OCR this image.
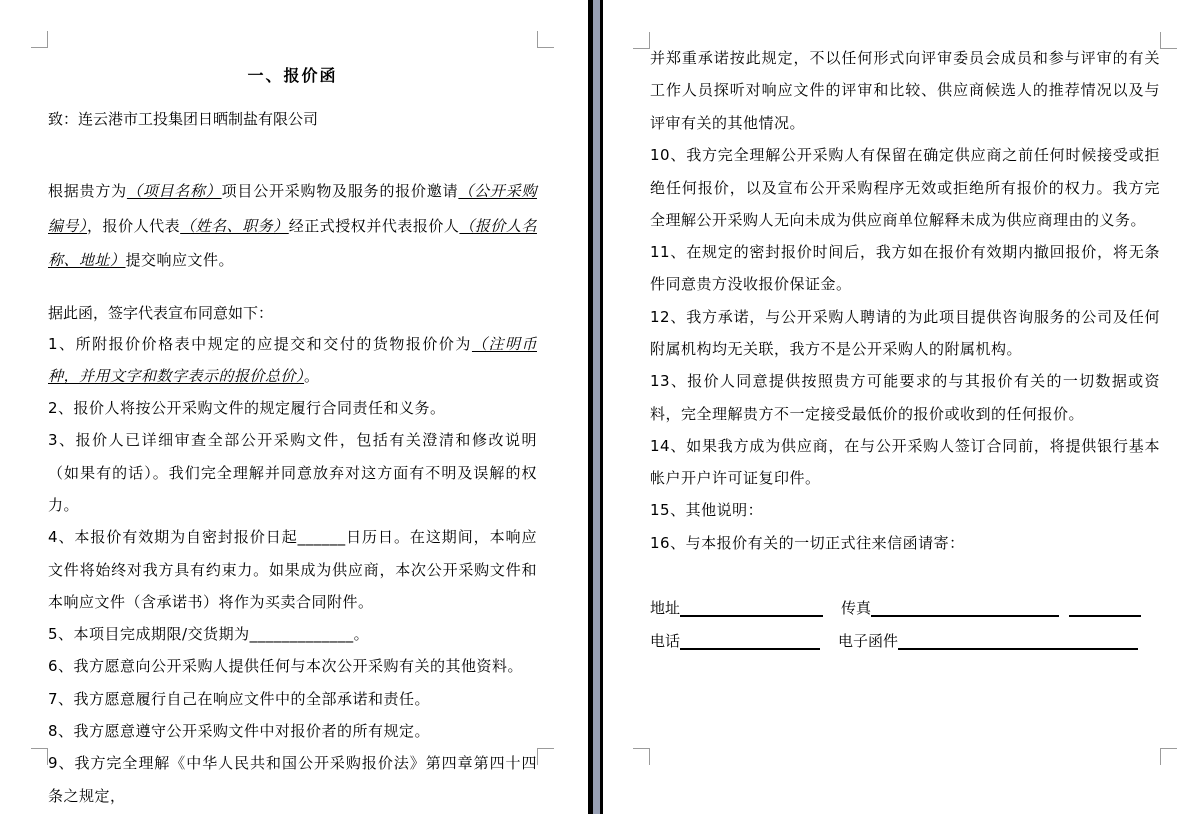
一、报价函

致：连云港市工投集团日晒制盐有限公司

根据贵方为（项目名称）项目公开采购物及服务的报价邀请（公开采购编号），报价人代表（姓名、职务）经正式授权并代表报价人（报价人名称、地址）提交响应文件。

据此函，签字代表宣布同意如下：

1、所附报价价格表中规定的应提交和交付的货物报价价为（注明币种，并用文字和数字表示的报价总价）。

2、报价人将按公开采购文件的规定履行合同责任和义务。

3、报价人已详细审查全部公开采购文件，包括有关澄清和修改说明（如果有的话）。我们完全理解并同意放弃对这方面有不明及误解的权力。

4、本报价有效期为自密封报价日起______日历日。在这期间，本响应文件将始终对我方具有约束力。如果成为供应商，本次公开采购文件和本响应文件（含承诺书）将作为买卖合同附件。

5、本项目完成期限/交货期为_____________。

6、我方愿意向公开采购人提供任何与本次公开采购有关的其他资料。

7、我方愿意履行自己在响应文件中的全部承诺和责任。

8、我方愿意遵守公开采购文件中对报价者的所有规定。

9、我方完全理解《中华人民共和国公开采购报价法》第四章第四十四条之规定，

并郑重承诺按此规定，不以任何形式向评审委员会成员和参与评审的有关工作人员探听对响应文件的评审和比较、供应商候选人的推荐情况以及与评审有关的其他情况。

10、我方完全理解公开采购人有保留在确定供应商之前任何时候接受或拒绝任何报价，以及宣布公开采购程序无效或拒绝所有报价的权力。我方完全理解公开采购人无向未成为供应商单位解释未成为供应商理由的义务。

11、在规定的密封报价时间后，我方如在报价有效期内撤回报价，将无条件同意贵方没收报价保证金。

12、我方承诺，与公开采购人聘请的为此项目提供咨询服务的公司及任何附属机构均无关联，我方不是公开采购人的附属机构。

13、报价人同意提供按照贵方可能要求的与其报价有关的一切数据或资料，完全理解贵方不一定接受最低价的报价或收到的任何报价。

14、如果我方成为供应商，在与公开采购人签订合同前，将提供银行基本帐户开户许可证复印件。

15、其他说明：

16、与本报价有关的一切正式往来信函请寄：

地址	传真
电话	电子函件
